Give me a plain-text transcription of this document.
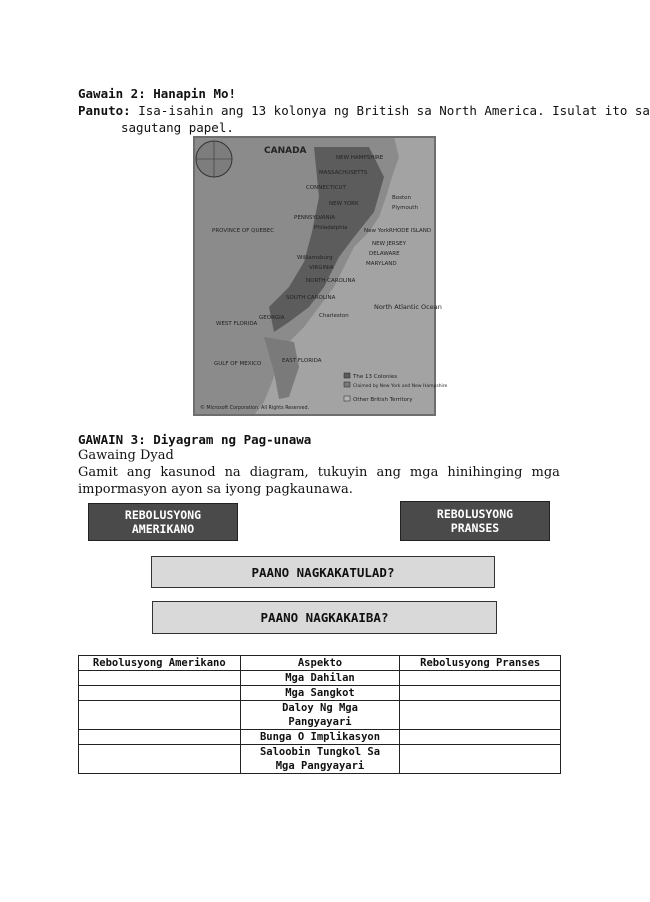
Gawain 2: Hanapin Mo!
Panuto: Isa-isahin ang 13 kolonya ng British sa North America. Isulat ito sa
sagutang papel.
CANADA
NEW HAMPSHIRE
MASSACHUSETTS
CONNECTICUT
NEW YORK
Boston
Plymouth
PROVINCE OF QUEBEC
PENNSYLVANIA
Philadelphia	New York RHODE ISLAND
NEW JERSEY
DELAWARE
MARYLAND
Williamsburg
VIRGINIA
NORTH CAROLINA
SOUTH CAROLINA
Charleston
GEORGIA
WEST FLORIDA
EAST FLORIDA
GULF OF MEXICO
North Atlantic Ocean
The 13 Colonies
Claimed by New York and New Hampshire
Other British Territory
© Microsoft Corporation. All Rights Reserved.
GAWAIN 3: Diyagram ng Pag-unawa
Gawaing Dyad
Gamit ang kasunod na diagram, tukuyin ang mga hinihinging mga
impormasyon ayon sa iyong pagkaunawa.
REBOLUSYONG AMERIKANO
REBOLUSYONG PRANSES
PAANO NAGKAKATULAD?
PAANO NAGKAKAIBA?
Rebolusyong Amerikano	Aspekto	Rebolusyong Pranses
	Mga Dahilan	
	Mga Sangkot	
	Daloy Ng Mga Pangyayari	
	Bunga O Implikasyon	
	Saloobin Tungkol Sa Mga Pangyayari	
